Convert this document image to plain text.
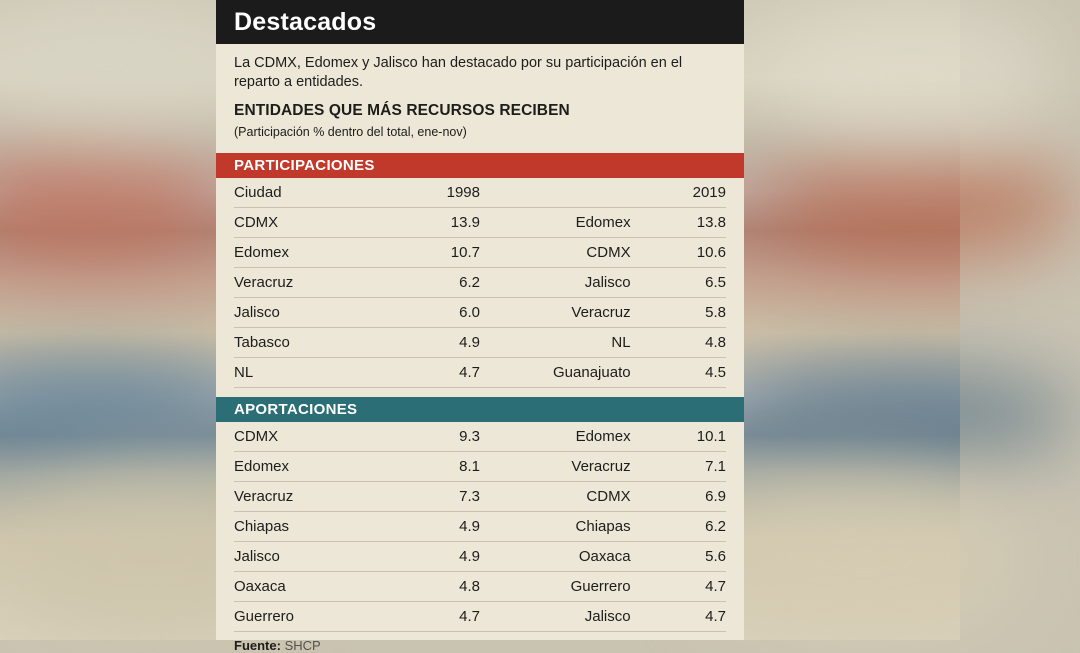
Destacados

La CDMX, Edomex y Jalisco han destacado por su participación en el reparto a entidades.

ENTIDADES QUE MÁS RECURSOS RECIBEN

(Participación % dentro del total, ene-nov)

PARTICIPACIONES
Ciudad	1998		2019
CDMX	13.9	Edomex	13.8
Edomex	10.7	CDMX	10.6
Veracruz	6.2	Jalisco	6.5
Jalisco	6.0	Veracruz	5.8
Tabasco	4.9	NL	4.8
NL	4.7	Guanajuato	4.5
APORTACIONES
CDMX	9.3	Edomex	10.1
Edomex	8.1	Veracruz	7.1
Veracruz	7.3	CDMX	6.9
Chiapas	4.9	Chiapas	6.2
Jalisco	4.9	Oaxaca	5.6
Oaxaca	4.8	Guerrero	4.7
Guerrero	4.7	Jalisco	4.7
Fuente: SHCP
